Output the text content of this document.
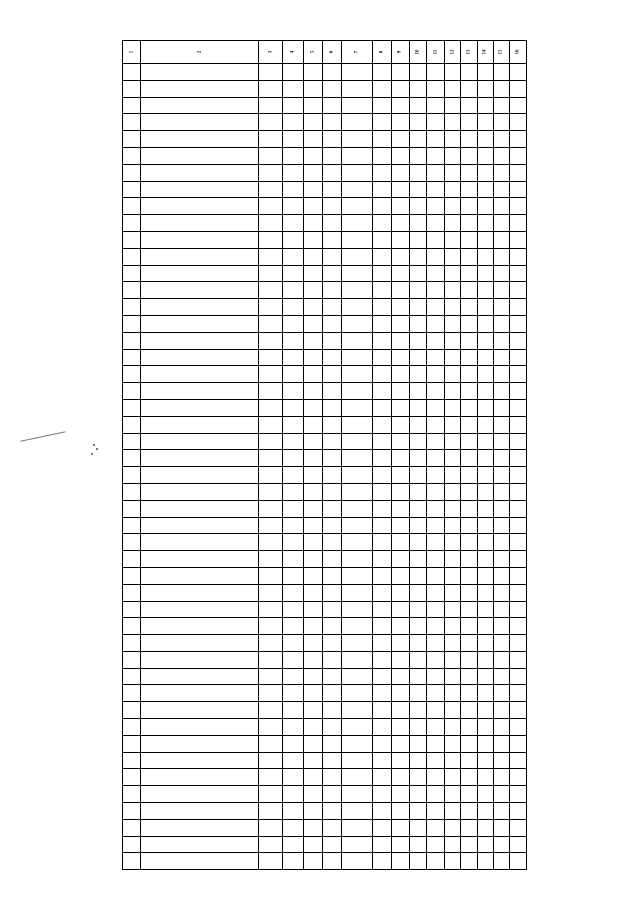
1	2	3	4	5	6	7	8	9	10	11 12 13 14 15 16
